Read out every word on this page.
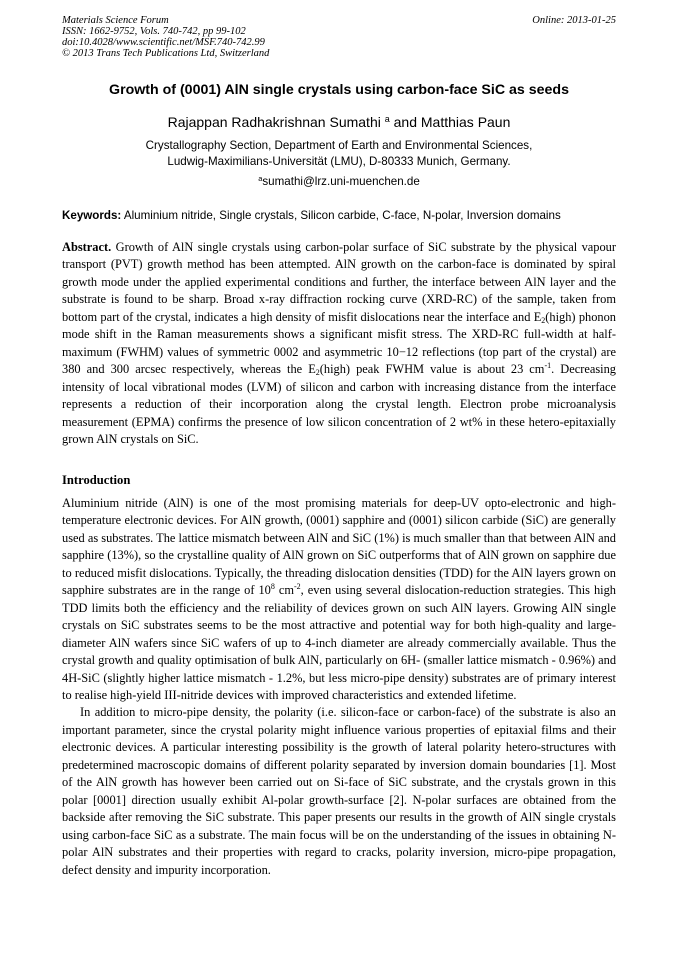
Materials Science Forum
ISSN: 1662-9752, Vols. 740-742, pp 99-102
doi:10.4028/www.scientific.net/MSF.740-742.99
© 2013 Trans Tech Publications Ltd, Switzerland
Online: 2013-01-25
Growth of (0001) AlN single crystals using carbon-face SiC as seeds
Rajappan Radhakrishnan Sumathi $^a$ and Matthias Paun
Crystallography Section, Department of Earth and Environmental Sciences,
Ludwig-Maximilians-Universität (LMU), D-80333 Munich, Germany.
$^a$sumathi@lrz.uni-muenchen.de
Keywords: Aluminium nitride, Single crystals, Silicon carbide, C-face, N-polar, Inversion domains

Abstract. Growth of AlN single crystals using carbon-polar surface of SiC substrate by the physical vapour transport (PVT) growth method has been attempted. AlN growth on the carbon-face is dominated by spiral growth mode under the applied experimental conditions and further, the interface between AlN layer and the substrate is found to be sharp. Broad x-ray diffraction rocking curve (XRD-RC) of the sample, taken from bottom part of the crystal, indicates a high density of misfit dislocations near the interface and $E_2(high)$ phonon mode shift in the Raman measurements shows a significant misfit stress. The XRD-RC full-width at half-maximum (FWHM) values of symmetric 0002 and asymmetric 10−12 reflections (top part of the crystal) are 380 and 300 arcsec respectively, whereas the $E_2(high)$ peak FWHM value is about 23 $cm^{-1}$. Decreasing intensity of local vibrational modes (LVM) of silicon and carbon with increasing distance from the interface represents a reduction of their incorporation along the crystal length. Electron probe microanalysis measurement (EPMA) confirms the presence of low silicon concentration of 2 wt% in these hetero-epitaxially grown AlN crystals on SiC.

Introduction

Aluminium nitride (AlN) is one of the most promising materials for deep-UV opto-electronic and high-temperature electronic devices. For AlN growth, (0001) sapphire and (0001) silicon carbide (SiC) are generally used as substrates. The lattice mismatch between AlN and SiC (1%) is much smaller than that between AlN and sapphire (13%), so the crystalline quality of AlN grown on SiC outperforms that of AlN grown on sapphire due to reduced misfit dislocations. Typically, the threading dislocation densities (TDD) for the AlN layers grown on sapphire substrates are in the range of $10^8$ $cm^{-2}$, even using several dislocation-reduction strategies. This high TDD limits both the efficiency and the reliability of devices grown on such AlN layers. Growing AlN single crystals on SiC substrates seems to be the most attractive and potential way for both high-quality and large-diameter AlN wafers since SiC wafers of up to 4-inch diameter are already commercially available. Thus the crystal growth and quality optimisation of bulk AlN, particularly on 6H- (smaller lattice mismatch - 0.96%) and 4H-SiC (slightly higher lattice mismatch - 1.2%, but less micro-pipe density) substrates are of primary interest to realise high-yield III-nitride devices with improved characteristics and extended lifetime.

In addition to micro-pipe density, the polarity (i.e. silicon-face or carbon-face) of the substrate is also an important parameter, since the crystal polarity might influence various properties of epitaxial films and their electronic devices. A particular interesting possibility is the growth of lateral polarity hetero-structures with predetermined macroscopic domains of different polarity separated by inversion domain boundaries [1]. Most of the AlN growth has however been carried out on Si-face of SiC substrate, and the crystals grown in this polar [0001] direction usually exhibit Al-polar growth-surface [2]. N-polar surfaces are obtained from the backside after removing the SiC substrate. This paper presents our results in the growth of AlN single crystals using carbon-face SiC as a substrate. The main focus will be on the understanding of the issues in obtaining N-polar AlN substrates and their properties with regard to cracks, polarity inversion, micro-pipe propagation, defect density and impurity incorporation.
